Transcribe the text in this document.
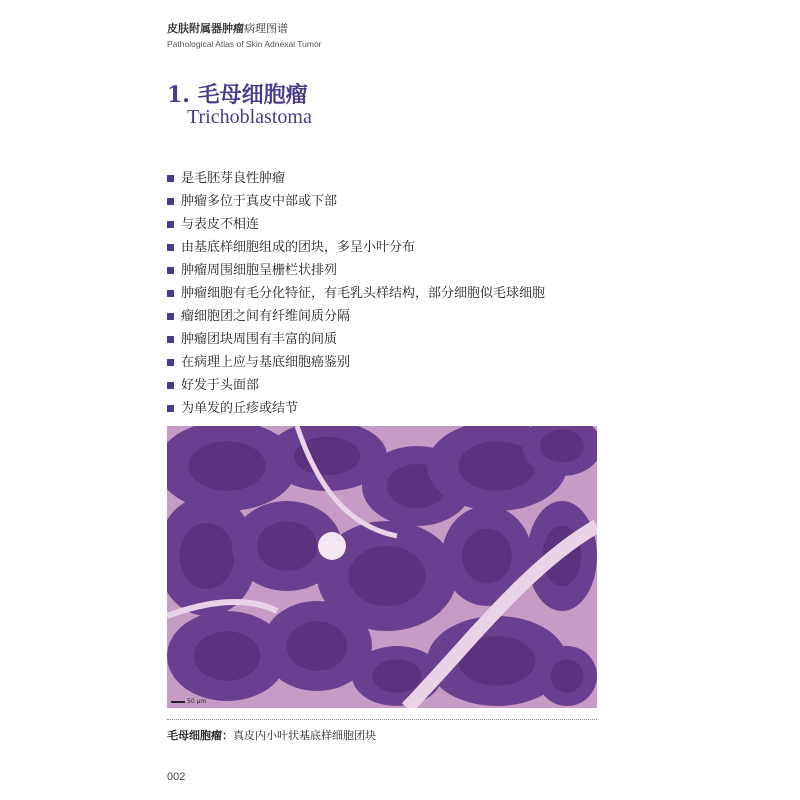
皮肤附属器肿瘤病理图谱
Pathological Atlas of Skin Adnexal Tumor
1. 毛母细胞瘤
Trichoblastoma
是毛胚芽良性肿瘤
肿瘤多位于真皮中部或下部
与表皮不相连
由基底样细胞组成的团块，多呈小叶分布
肿瘤周围细胞呈栅栏状排列
肿瘤细胞有毛分化特征，有毛乳头样结构，部分细胞似毛球细胞
瘤细胞团之间有纤维间质分隔
肿瘤团块周围有丰富的间质
在病理上应与基底细胞癌鉴别
好发于头面部
为单发的丘疹或结节
50 μm
毛母细胞瘤：真皮内小叶状基底样细胞团块
002
